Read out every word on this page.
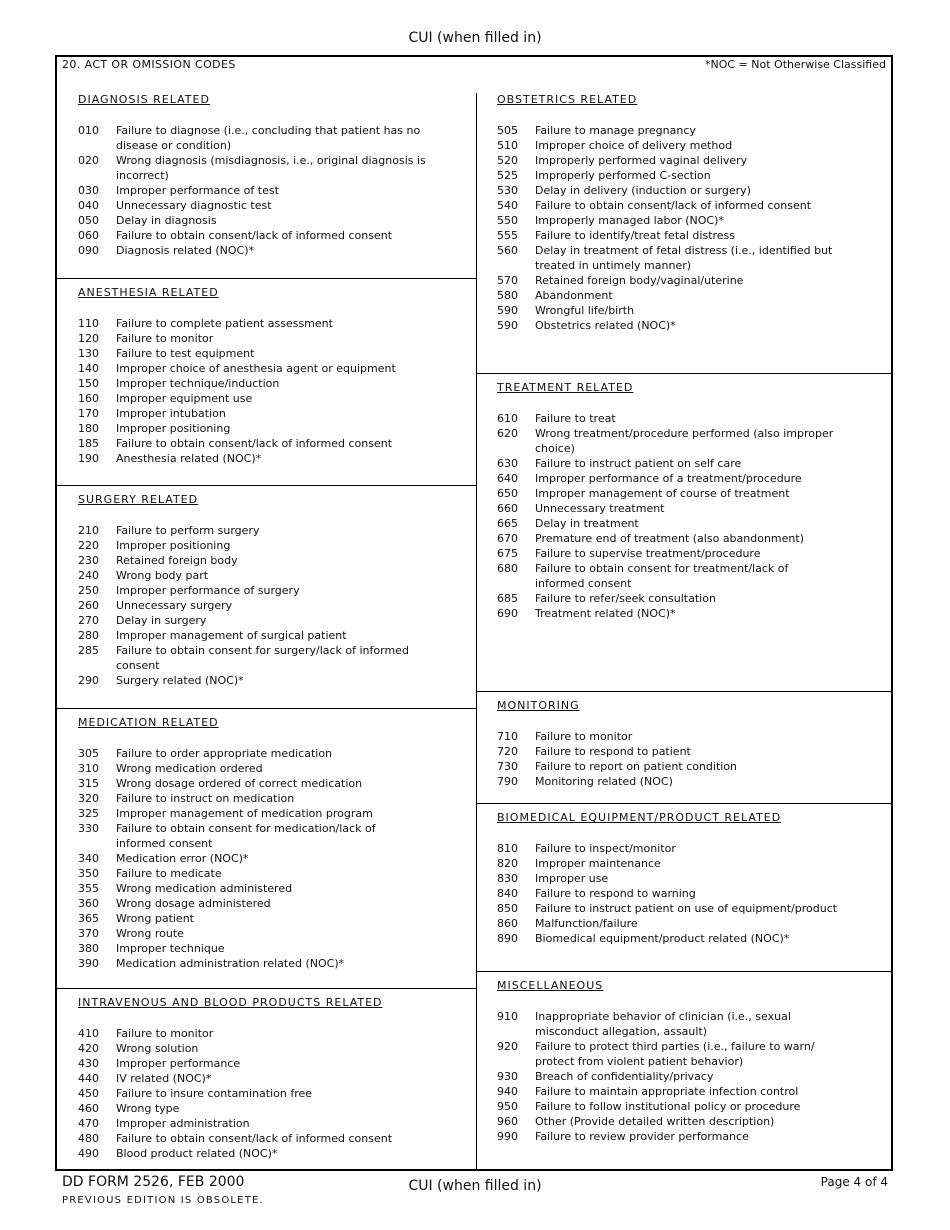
CUI (when filled in)
20. ACT OR OMISSION CODES	*NOC = Not Otherwise Classified
DIAGNOSIS RELATED
010	Failure to diagnose (i.e., concluding that patient has no
disease or condition)
020	Wrong diagnosis (misdiagnosis, i.e., original diagnosis is
incorrect)
030	Improper performance of test
040	Unnecessary diagnostic test
050	Delay in diagnosis
060	Failure to obtain consent/lack of informed consent
090	Diagnosis related (NOC)*
ANESTHESIA RELATED
110	Failure to complete patient assessment
120	Failure to monitor
130	Failure to test equipment
140	Improper choice of anesthesia agent or equipment
150	Improper technique/induction
160	Improper equipment use
170	Improper intubation
180	Improper positioning
185	Failure to obtain consent/lack of informed consent
190	Anesthesia related (NOC)*
SURGERY RELATED
210	Failure to perform surgery
220	Improper positioning
230	Retained foreign body
240	Wrong body part
250	Improper performance of surgery
260	Unnecessary surgery
270	Delay in surgery
280	Improper management of surgical patient
285	Failure to obtain consent for surgery/lack of informed
consent
290	Surgery related (NOC)*
MEDICATION RELATED
305	Failure to order appropriate medication
310	Wrong medication ordered
315	Wrong dosage ordered of correct medication
320	Failure to instruct on medication
325	Improper management of medication program
330	Failure to obtain consent for medication/lack of
informed consent
340	Medication error (NOC)*
350	Failure to medicate
355	Wrong medication administered
360	Wrong dosage administered
365	Wrong patient
370	Wrong route
380	Improper technique
390	Medication administration related (NOC)*
INTRAVENOUS AND BLOOD PRODUCTS RELATED
410	Failure to monitor
420	Wrong solution
430	Improper performance
440	IV related (NOC)*
450	Failure to insure contamination free
460	Wrong type
470	Improper administration
480	Failure to obtain consent/lack of informed consent
490	Blood product related (NOC)*
OBSTETRICS RELATED
505	Failure to manage pregnancy
510	Improper choice of delivery method
520	Improperly performed vaginal delivery
525	Improperly performed C-section
530	Delay in delivery (induction or surgery)
540	Failure to obtain consent/lack of informed consent
550	Improperly managed labor (NOC)*
555	Failure to identify/treat fetal distress
560	Delay in treatment of fetal distress (i.e., identified but
treated in untimely manner)
570	Retained foreign body/vaginal/uterine
580	Abandonment
590	Wrongful life/birth
590	Obstetrics related (NOC)*
TREATMENT RELATED
610	Failure to treat
620	Wrong treatment/procedure performed (also improper
choice)
630	Failure to instruct patient on self care
640	Improper performance of a treatment/procedure
650	Improper management of course of treatment
660	Unnecessary treatment
665	Delay in treatment
670	Premature end of treatment (also abandonment)
675	Failure to supervise treatment/procedure
680	Failure to obtain consent for treatment/lack of
informed consent
685	Failure to refer/seek consultation
690	Treatment related (NOC)*
MONITORING
710	Failure to monitor
720	Failure to respond to patient
730	Failure to report on patient condition
790	Monitoring related (NOC)
BIOMEDICAL EQUIPMENT/PRODUCT RELATED
810	Failure to inspect/monitor
820	Improper maintenance
830	Improper use
840	Failure to respond to warning
850	Failure to instruct patient on use of equipment/product
860	Malfunction/failure
890	Biomedical equipment/product related (NOC)*
MISCELLANEOUS
910	Inappropriate behavior of clinician (i.e., sexual
misconduct allegation, assault)
920	Failure to protect third parties (i.e., failure to warn/
protect from violent patient behavior)
930	Breach of confidentiality/privacy
940	Failure to maintain appropriate infection control
950	Failure to follow institutional policy or procedure
960	Other (Provide detailed written description)
990	Failure to review provider performance
DD FORM 2526, FEB 2000
PREVIOUS EDITION IS OBSOLETE.
CUI (when filled in)	Page 4 of 4
